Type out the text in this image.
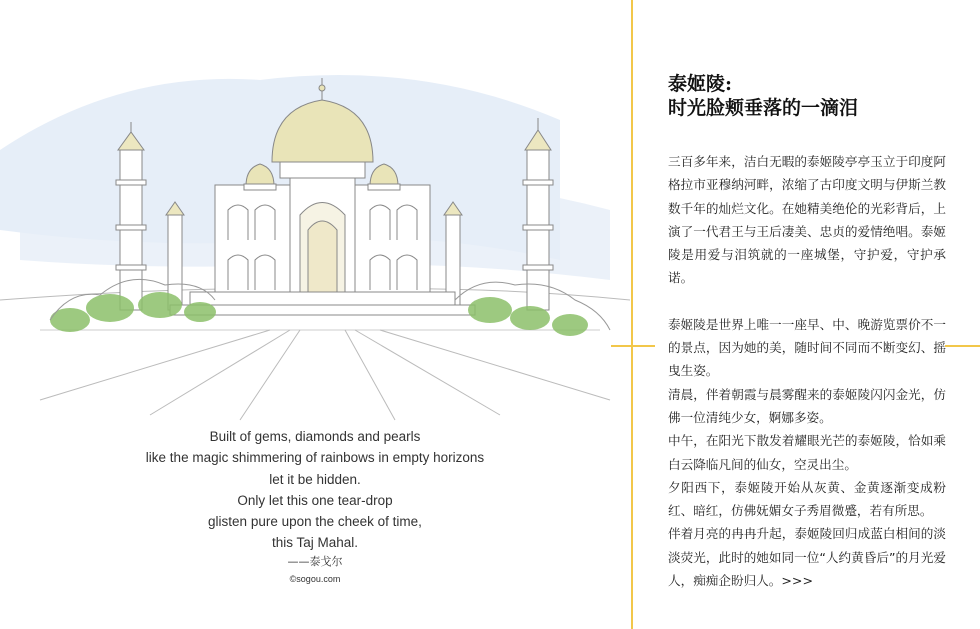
Built of gems, diamonds and pearls
like the magic shimmering of rainbows in empty horizons
let it be hidden.
Only let this one tear-drop
glisten pure upon the cheek of time,
this Taj Mahal.
——泰戈尔
©sogou.com
泰姬陵:
时光脸颊垂落的一滴泪

三百多年来，洁白无暇的泰姬陵亭亭玉立于印度阿格拉市亚穆纳河畔，浓缩了古印度文明与伊斯兰教数千年的灿烂文化。在她精美绝伦的光彩背后，上演了一代君王与王后凄美、忠贞的爱情绝唱。泰姬陵是用爱与泪筑就的一座城堡，守护爱，守护承诺。

泰姬陵是世界上唯一一座早、中、晚游览票价不一的景点，因为她的美，随时间不同而不断变幻、摇曳生姿。

清晨，伴着朝霞与晨雾醒来的泰姬陵闪闪金光，仿佛一位清纯少女，婀娜多姿。

中午，在阳光下散发着耀眼光芒的泰姬陵，恰如乘白云降临凡间的仙女，空灵出尘。

夕阳西下，泰姬陵开始从灰黄、金黄逐渐变成粉红、暗红，仿佛妩媚女子秀眉微蹙，若有所思。

伴着月亮的冉冉升起，泰姬陵回归成蓝白相间的淡淡荧光，此时的她如同一位“人约黄昏后”的月光爱人，痴痴企盼归人。>>>
